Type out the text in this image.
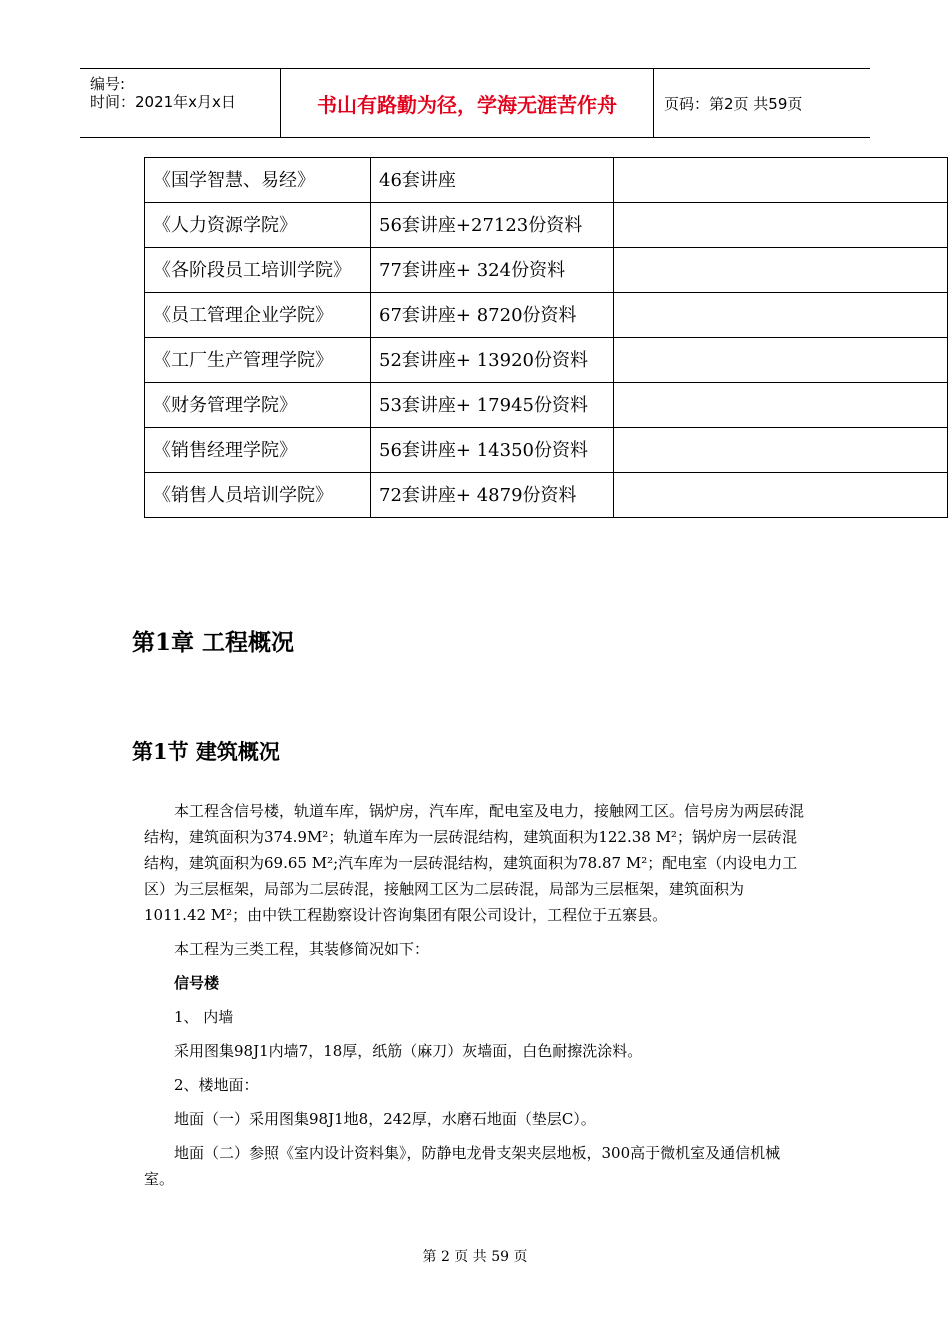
编号:
时间：2021年x月x日	书山有路勤为径，学海无涯苦作舟	页码：第2页 共59页
《国学智慧、易经》	46套讲座	
《人力资源学院》	56套讲座+27123份资料	
《各阶段员工培训学院》	77套讲座+ 324份资料	
《员工管理企业学院》	67套讲座+ 8720份资料	
《工厂生产管理学院》	52套讲座+ 13920份资料	
《财务管理学院》	53套讲座+ 17945份资料	
《销售经理学院》	56套讲座+ 14350份资料	
《销售人员培训学院》	72套讲座+ 4879份资料	
第1章 工程概况
第1节 建筑概况

本工程含信号楼，轨道车库，锅炉房，汽车库，配电室及电力，接触网工区。信号房为两层砖混结构，建筑面积为374.9M²；轨道车库为一层砖混结构，建筑面积为122.38 M²；锅炉房一层砖混结构，建筑面积为69.65 M²;汽车库为一层砖混结构，建筑面积为78.87 M²；配电室（内设电力工区）为三层框架，局部为二层砖混，接触网工区为二层砖混，局部为三层框架，建筑面积为1011.42 M²；由中铁工程勘察设计咨询集团有限公司设计，工程位于五寨县。

本工程为三类工程，其装修简况如下：

信号楼

1、 内墙

采用图集98J1内墙7，18厚，纸筋（麻刀）灰墙面，白色耐擦洗涂料。

2、楼地面：

地面（一）采用图集98J1地8，242厚，水磨石地面（垫层C）。

地面（二）参照《室内设计资料集》，防静电龙骨支架夹层地板，300高于微机室及通信机械室。

第 2 页 共 59 页
